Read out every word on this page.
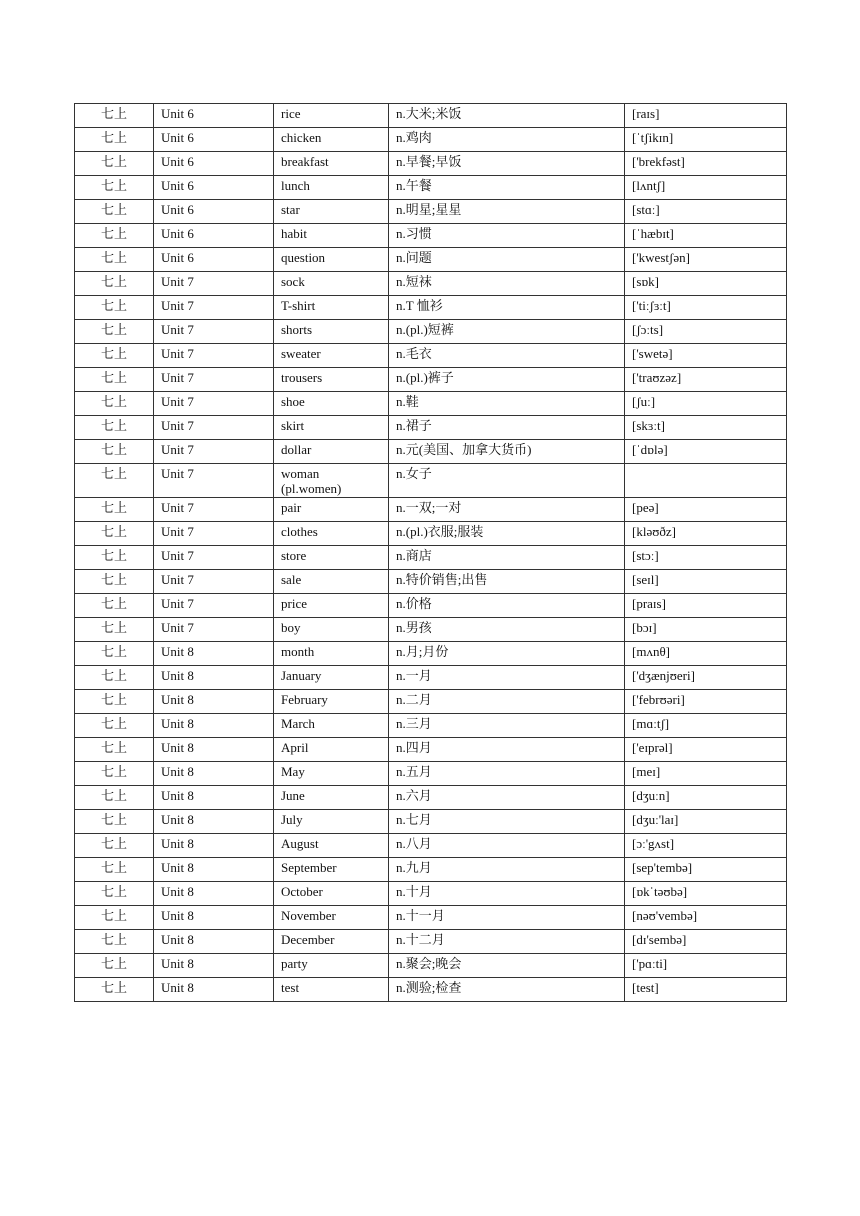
七上	Unit 6	rice	n.大米;米饭	[raɪs]
七上	Unit 6	chicken	n.鸡肉	[ˈtʃikɪn]
七上	Unit 6	breakfast	n.早餐;早饭	['brekfəst]
七上	Unit 6	lunch	n.午餐	[lʌntʃ]
七上	Unit 6	star	n.明星;星星	[stɑː]
七上	Unit 6	habit	n.习惯	[ˈhæbɪt]
七上	Unit 6	question	n.问题	['kwestʃən]
七上	Unit 7	sock	n.短袜	[sɒk]
七上	Unit 7	T-shirt	n.T 恤衫	['tiːʃɜːt]
七上	Unit 7	shorts	n.(pl.)短裤	[ʃɔːts]
七上	Unit 7	sweater	n.毛衣	['swetə]
七上	Unit 7	trousers	n.(pl.)裤子	['traʊzəz]
七上	Unit 7	shoe	n.鞋	[ʃuː]
七上	Unit 7	skirt	n.裙子	[skɜːt]
七上	Unit 7	dollar	n.元(美国、加拿大货币)	[ˈdɒlə]
七上	Unit 7	woman (pl.women)	n.女子	
七上	Unit 7	pair	n.一双;一对	[peə]
七上	Unit 7	clothes	n.(pl.)衣服;服装	[kləʊðz]
七上	Unit 7	store	n.商店	[stɔː]
七上	Unit 7	sale	n.特价销售;出售	[seɪl]
七上	Unit 7	price	n.价格	[praɪs]
七上	Unit 7	boy	n.男孩	[bɔɪ]
七上	Unit 8	month	n.月;月份	[mʌnθ]
七上	Unit 8	January	n.一月	['dʒænjʊeri]
七上	Unit 8	February	n.二月	['febrʊəri]
七上	Unit 8	March	n.三月	[mɑːtʃ]
七上	Unit 8	April	n.四月	['eɪprəl]
七上	Unit 8	May	n.五月	[meɪ]
七上	Unit 8	June	n.六月	[dʒuːn]
七上	Unit 8	July	n.七月	[dʒuː'laɪ]
七上	Unit 8	August	n.八月	[ɔː'gʌst]
七上	Unit 8	September	n.九月	[sep'tembə]
七上	Unit 8	October	n.十月	[ɒkˈtəʊbə]
七上	Unit 8	November	n.十一月	[nəʊ'vembə]
七上	Unit 8	December	n.十二月	[dɪ'sembə]
七上	Unit 8	party	n.聚会;晚会	['pɑːti]
七上	Unit 8	test	n.测验;检查	[test]
